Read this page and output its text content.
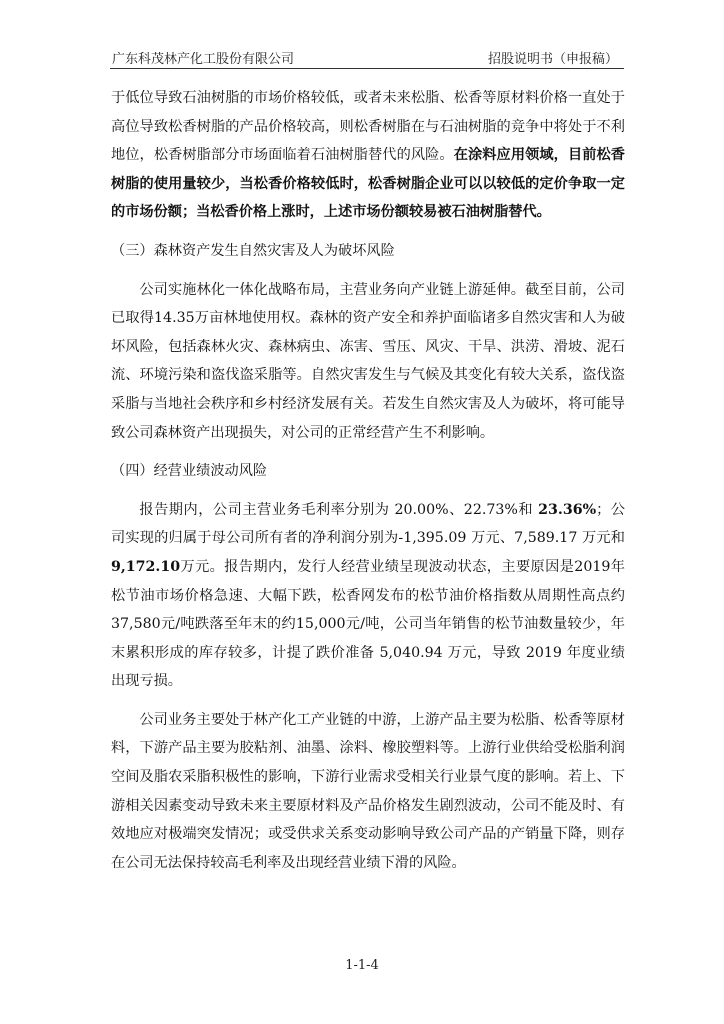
广东科茂林产化工股份有限公司	招股说明书（申报稿）

于低位导致石油树脂的市场价格较低，或者未来松脂、松香等原材料价格一直处于高位导致松香树脂的产品价格较高，则松香树脂在与石油树脂的竞争中将处于不利地位，松香树脂部分市场面临着石油树脂替代的风险。在涂料应用领域，目前松香树脂的使用量较少，当松香价格较低时，松香树脂企业可以以较低的定价争取一定的市场份额；当松香价格上涨时，上述市场份额较易被石油树脂替代。

（三）森林资产发生自然灾害及人为破坏风险

公司实施林化一体化战略布局，主营业务向产业链上游延伸。截至目前，公司已取得14.35万亩林地使用权。森林的资产安全和养护面临诸多自然灾害和人为破坏风险，包括森林火灾、森林病虫、冻害、雪压、风灾、干旱、洪涝、滑坡、泥石流、环境污染和盗伐盗采脂等。自然灾害发生与气候及其变化有较大关系，盗伐盗采脂与当地社会秩序和乡村经济发展有关。若发生自然灾害及人为破坏，将可能导致公司森林资产出现损失，对公司的正常经营产生不利影响。

（四）经营业绩波动风险

报告期内，公司主营业务毛利率分别为 20.00%、22.73%和 23.36%；公司实现的归属于母公司所有者的净利润分别为-1,395.09 万元、7,589.17 万元和 9,172.10万元。报告期内，发行人经营业绩呈现波动状态，主要原因是2019年松节油市场价格急速、大幅下跌，松香网发布的松节油价格指数从周期性高点约37,580元/吨跌落至年末的约15,000元/吨，公司当年销售的松节油数量较少，年末累积形成的库存较多，计提了跌价准备 5,040.94 万元，导致 2019 年度业绩出现亏损。

公司业务主要处于林产化工产业链的中游，上游产品主要为松脂、松香等原材料，下游产品主要为胶粘剂、油墨、涂料、橡胶塑料等。上游行业供给受松脂利润空间及脂农采脂积极性的影响，下游行业需求受相关行业景气度的影响。若上、下游相关因素变动导致未来主要原材料及产品价格发生剧烈波动，公司不能及时、有效地应对极端突发情况；或受供求关系变动影响导致公司产品的产销量下降，则存在公司无法保持较高毛利率及出现经营业绩下滑的风险。

1-1-4
